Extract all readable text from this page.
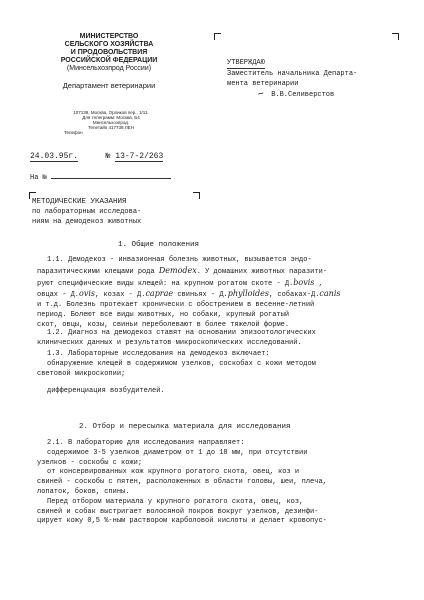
МИНИСТЕРСТВО
СЕЛЬСКОГО ХОЗЯЙСТВА
И ПРОДОВОЛЬСТВИЯ
РОССИЙСКОЙ ФЕДЕРАЦИИ
(Минсельхозпрод России)
Департамент ветеринарии
107139, Москва, Орликов пер., 1/11.
Для телеграмм: Москва, Б4
Минсельхозпрод.
Телетайп 417738 ЛЕН
Телефон
24.03.95г.	№ 13-7-2/263
На №
УТВЕРЖДАЮ
Заместитель начальника Департа-
мента ветеринарии
~ В.В.Селиверстов
МЕТОДИЧЕСКИЕ УКАЗАНИЯ
по лабораторным исследова-
ниям на демодекоз животных
1. Общие положения
1.1. Демодекоз - инвазионная болезнь животных, вызывается эндо-
паразитическими клещами рода Demodex. У домашних животных паразити-
руют специфические виды клещей: на крупном рогатом скоте - Д.bovis ,
овцах - Д.ovis, козах - Д.caprae свиньях - Д.phylloides, собаках-Д.canis
и т.д. Болезнь протекает хронически с обострением в весенне-летний
период. Болеют все виды животных, но собаки, крупный рогатый
скот, овцы, козы, свиньи переболевают в более тяжелой форме.
1.2. Диагноз на демодекоз ставят на основании эпизоотологических
клинических данных и результатов микроскопических исследований.
1.3. Лабораторные исследования на демодекоз включает:
обнаружение клещей в содержимом узелков, соскобах с кожи методом
световой микроскопии;
дифференциация возбудителей.
2. Отбор и пересылка материала для исследования
2.1. В лабораторию для исследования направляет:
содержимое 3-5 узелков диаметром от 1 до 18 мм, при отсутствии
узелков - соскобы с кожи;
от консервированных кож крупного рогатого скота, овец, коз и
свиней - соскобы с пятен, расположенных в области головы, шеи, плеча,
лопаток, боков, спины.
Перед отбором материала у крупного рогатого скота, овец, коз,
свиней и собак выстригает волосяной покров вокруг узелков, дезинфи-
цирует кожу 0,5 %-ным раствором карболовой кислоты и делает кровопус-
